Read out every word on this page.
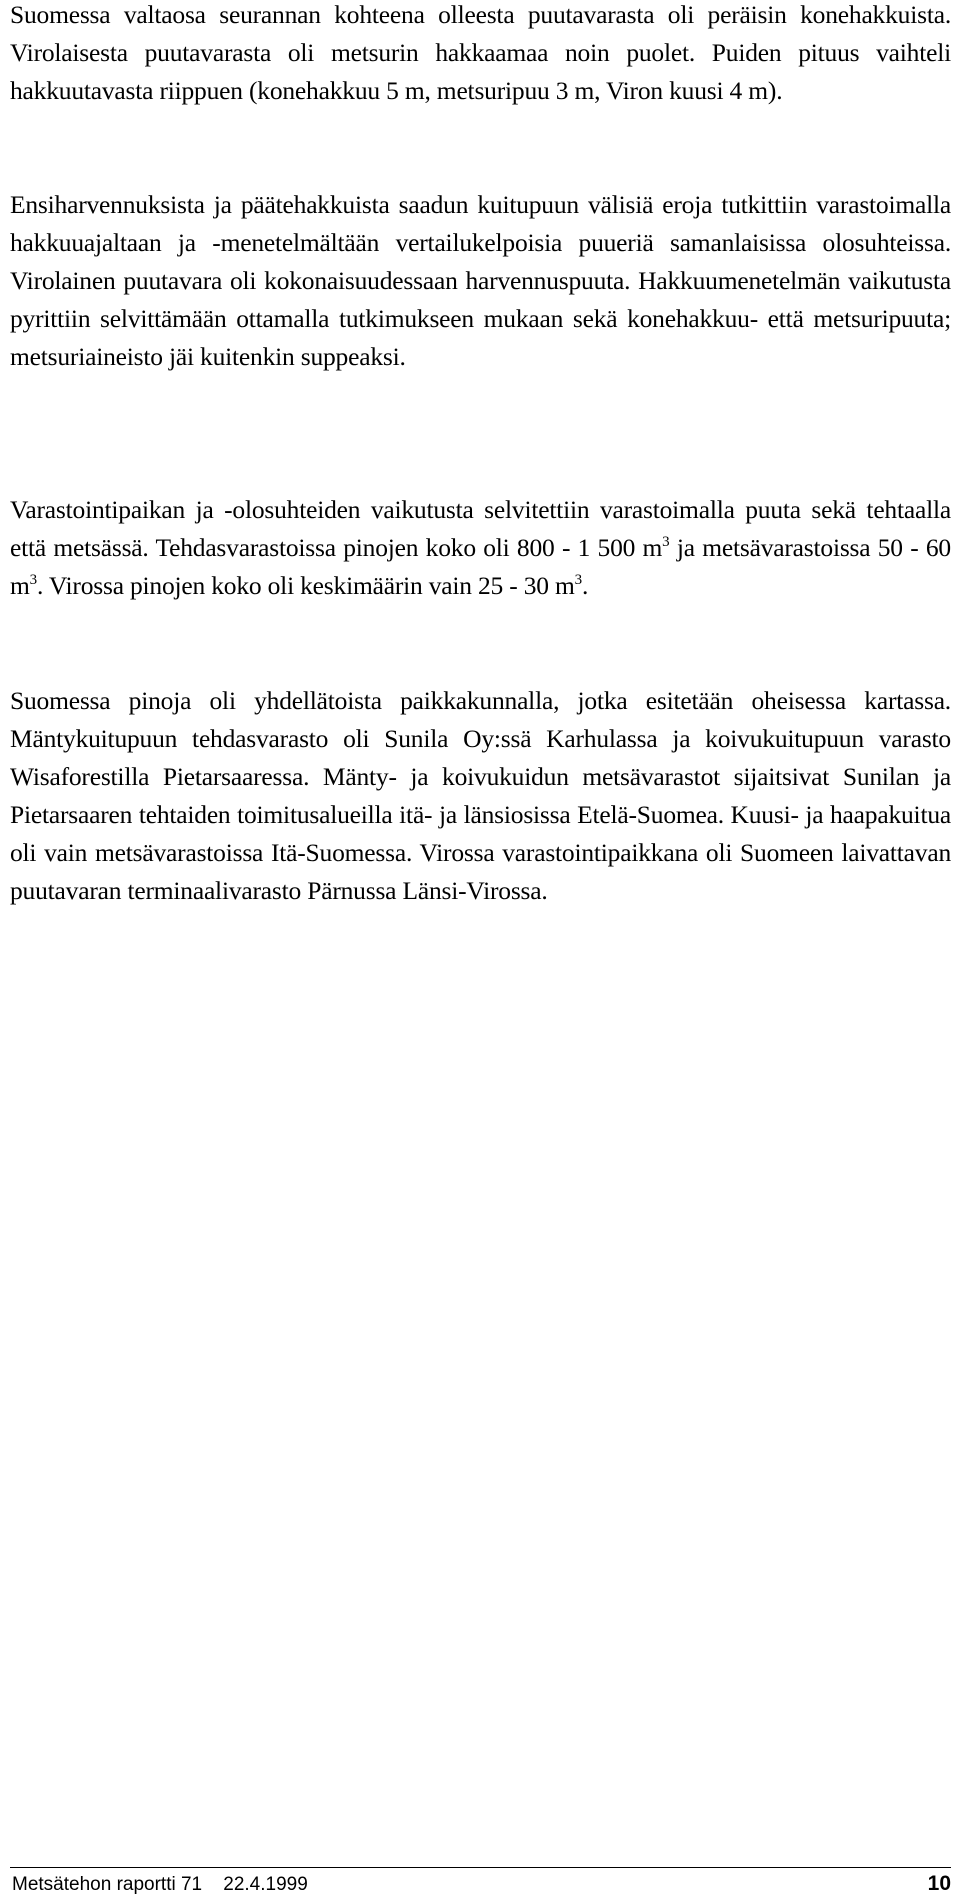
Suomessa valtaosa seurannan kohteena olleesta puutavarasta oli peräisin konehakkuista. Virolaisesta puutavarasta oli metsurin hakkaamaa noin puolet. Puiden pituus vaihteli hakkuutavasta riippuen (konehakkuu 5 m, metsuripuu 3 m, Viron kuusi 4 m).

Ensiharvennuksista ja päätehakkuista saadun kuitupuun välisiä eroja tutkittiin varastoimalla hakkuuajaltaan ja -menetelmältään vertailukelpoisia puueriä samanlaisissa olosuhteissa. Virolainen puutavara oli kokonaisuudessaan harvennuspuuta. Hakkuumenetelmän vaikutusta pyrittiin selvittämään ottamalla tutkimukseen mukaan sekä konehakkuu- että metsuripuuta; metsuriaineisto jäi kuitenkin suppeaksi.

Varastointipaikan ja -olosuhteiden vaikutusta selvitettiin varastoimalla puuta sekä tehtaalla että metsässä. Tehdasvarastoissa pinojen koko oli 800 - 1 500 $m^3$ ja metsävarastoissa 50 - 60 $m^3$. Virossa pinojen koko oli keskimäärin vain 25 - 30 $m^3$.

Suomessa pinoja oli yhdellätoista paikkakunnalla, jotka esitetään oheisessa kartassa. Mäntykuitupuun tehdasvarasto oli Sunila Oy:ssä Karhulassa ja koivukuitupuun varasto Wisaforestilla Pietarsaaressa. Mänty- ja koivukuidun metsävarastot sijaitsivat Sunilan ja Pietarsaaren tehtaiden toimitusalueilla itä- ja länsiosissa Etelä-Suomea. Kuusi- ja haapakuitua oli vain metsävarastoissa Itä-Suomessa. Virossa varastointipaikkana oli Suomeen laivattavan puutavaran terminaalivarasto Pärnussa Länsi-Virossa.

Metsätehon raportti 71 22.4.1999	10
